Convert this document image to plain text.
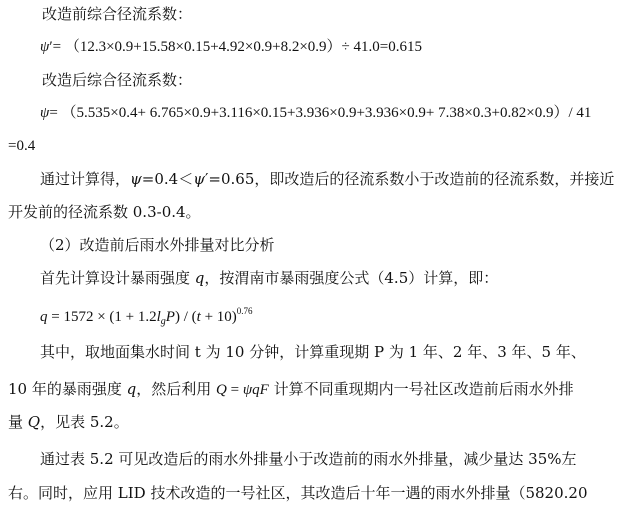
改造前综合径流系数：
ψ′= （12.3×0.9+15.58×0.15+4.92×0.9+8.2×0.9）÷ 41.0=0.615
改造后综合径流系数：
ψ= （5.535×0.4+ 6.765×0.9+3.116×0.15+3.936×0.9+3.936×0.9+ 7.38×0.3+0.82×0.9）/ 41
=0.4
通过计算得，ψ=0.4＜ψ′=0.65，即改造后的径流系数小于改造前的径流系数，并接近
开发前的径流系数 0.3-0.4。
（2）改造前后雨水外排量对比分析
首先计算设计暴雨强度 q，按渭南市暴雨强度公式（4.5）计算，即：
$q = 1572 \times (1 + 1.2l_gP) / (t + 10)^{0.76}$
其中，取地面集水时间 t 为 10 分钟，计算重现期 P 为 1 年、2 年、3 年、5 年、
10 年的暴雨强度 q，然后利用 Q = ψqF 计算不同重现期内一号社区改造前后雨水外排
量 Q，见表 5.2。
通过表 5.2 可见改造后的雨水外排量小于改造前的雨水外排量，减少量达 35%左
右。同时，应用 LID 技术改造的一号社区，其改造后十年一遇的雨水外排量（5820.20
